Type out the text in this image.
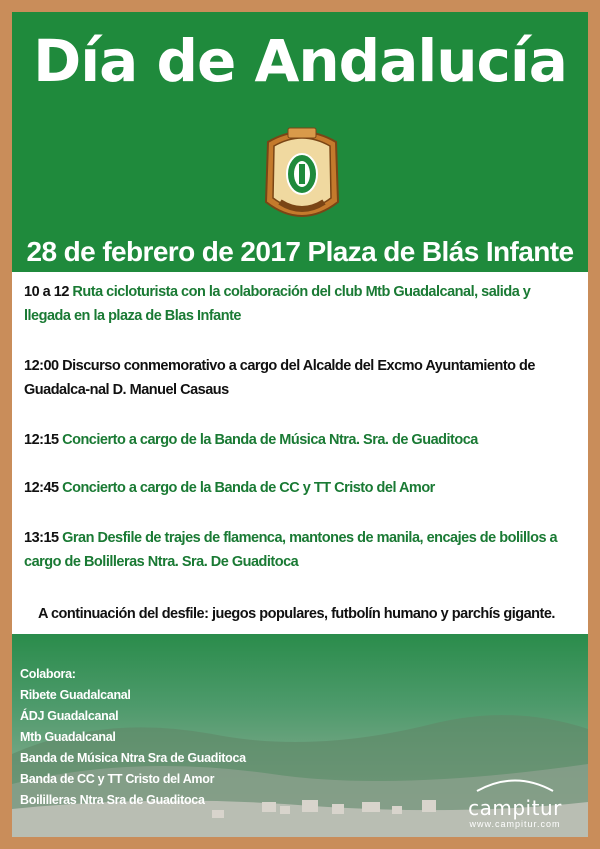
Día de Andalucía
28 de febrero de 2017 Plaza de Blás Infante
10 a 12 Ruta cicloturista con la colaboración del club Mtb Guadalcanal, salida y llegada en la plaza de Blas Infante
12:00 Discurso conmemorativo a cargo del Alcalde del Excmo Ayuntamiento de Guadalca-nal D. Manuel Casaus
12:15 Concierto a cargo de la Banda de Música Ntra. Sra. de Guaditoca
12:45 Concierto a cargo de la Banda de CC y TT Cristo del Amor
13:15 Gran Desfile de trajes de flamenca, mantones de manila, encajes de bolillos a cargo de Bolilleras Ntra. Sra. De Guaditoca
A continuación del desfile: juegos populares, futbolín humano y parchís gigante.
Colabora:
Ribete Guadalcanal
ÁDJ Guadalcanal
Mtb Guadalcanal
Banda de Música Ntra Sra de Guaditoca
Banda de CC y TT Cristo del Amor
Boililleras Ntra Sra de Guaditoca	campitur
www.campitur.com
